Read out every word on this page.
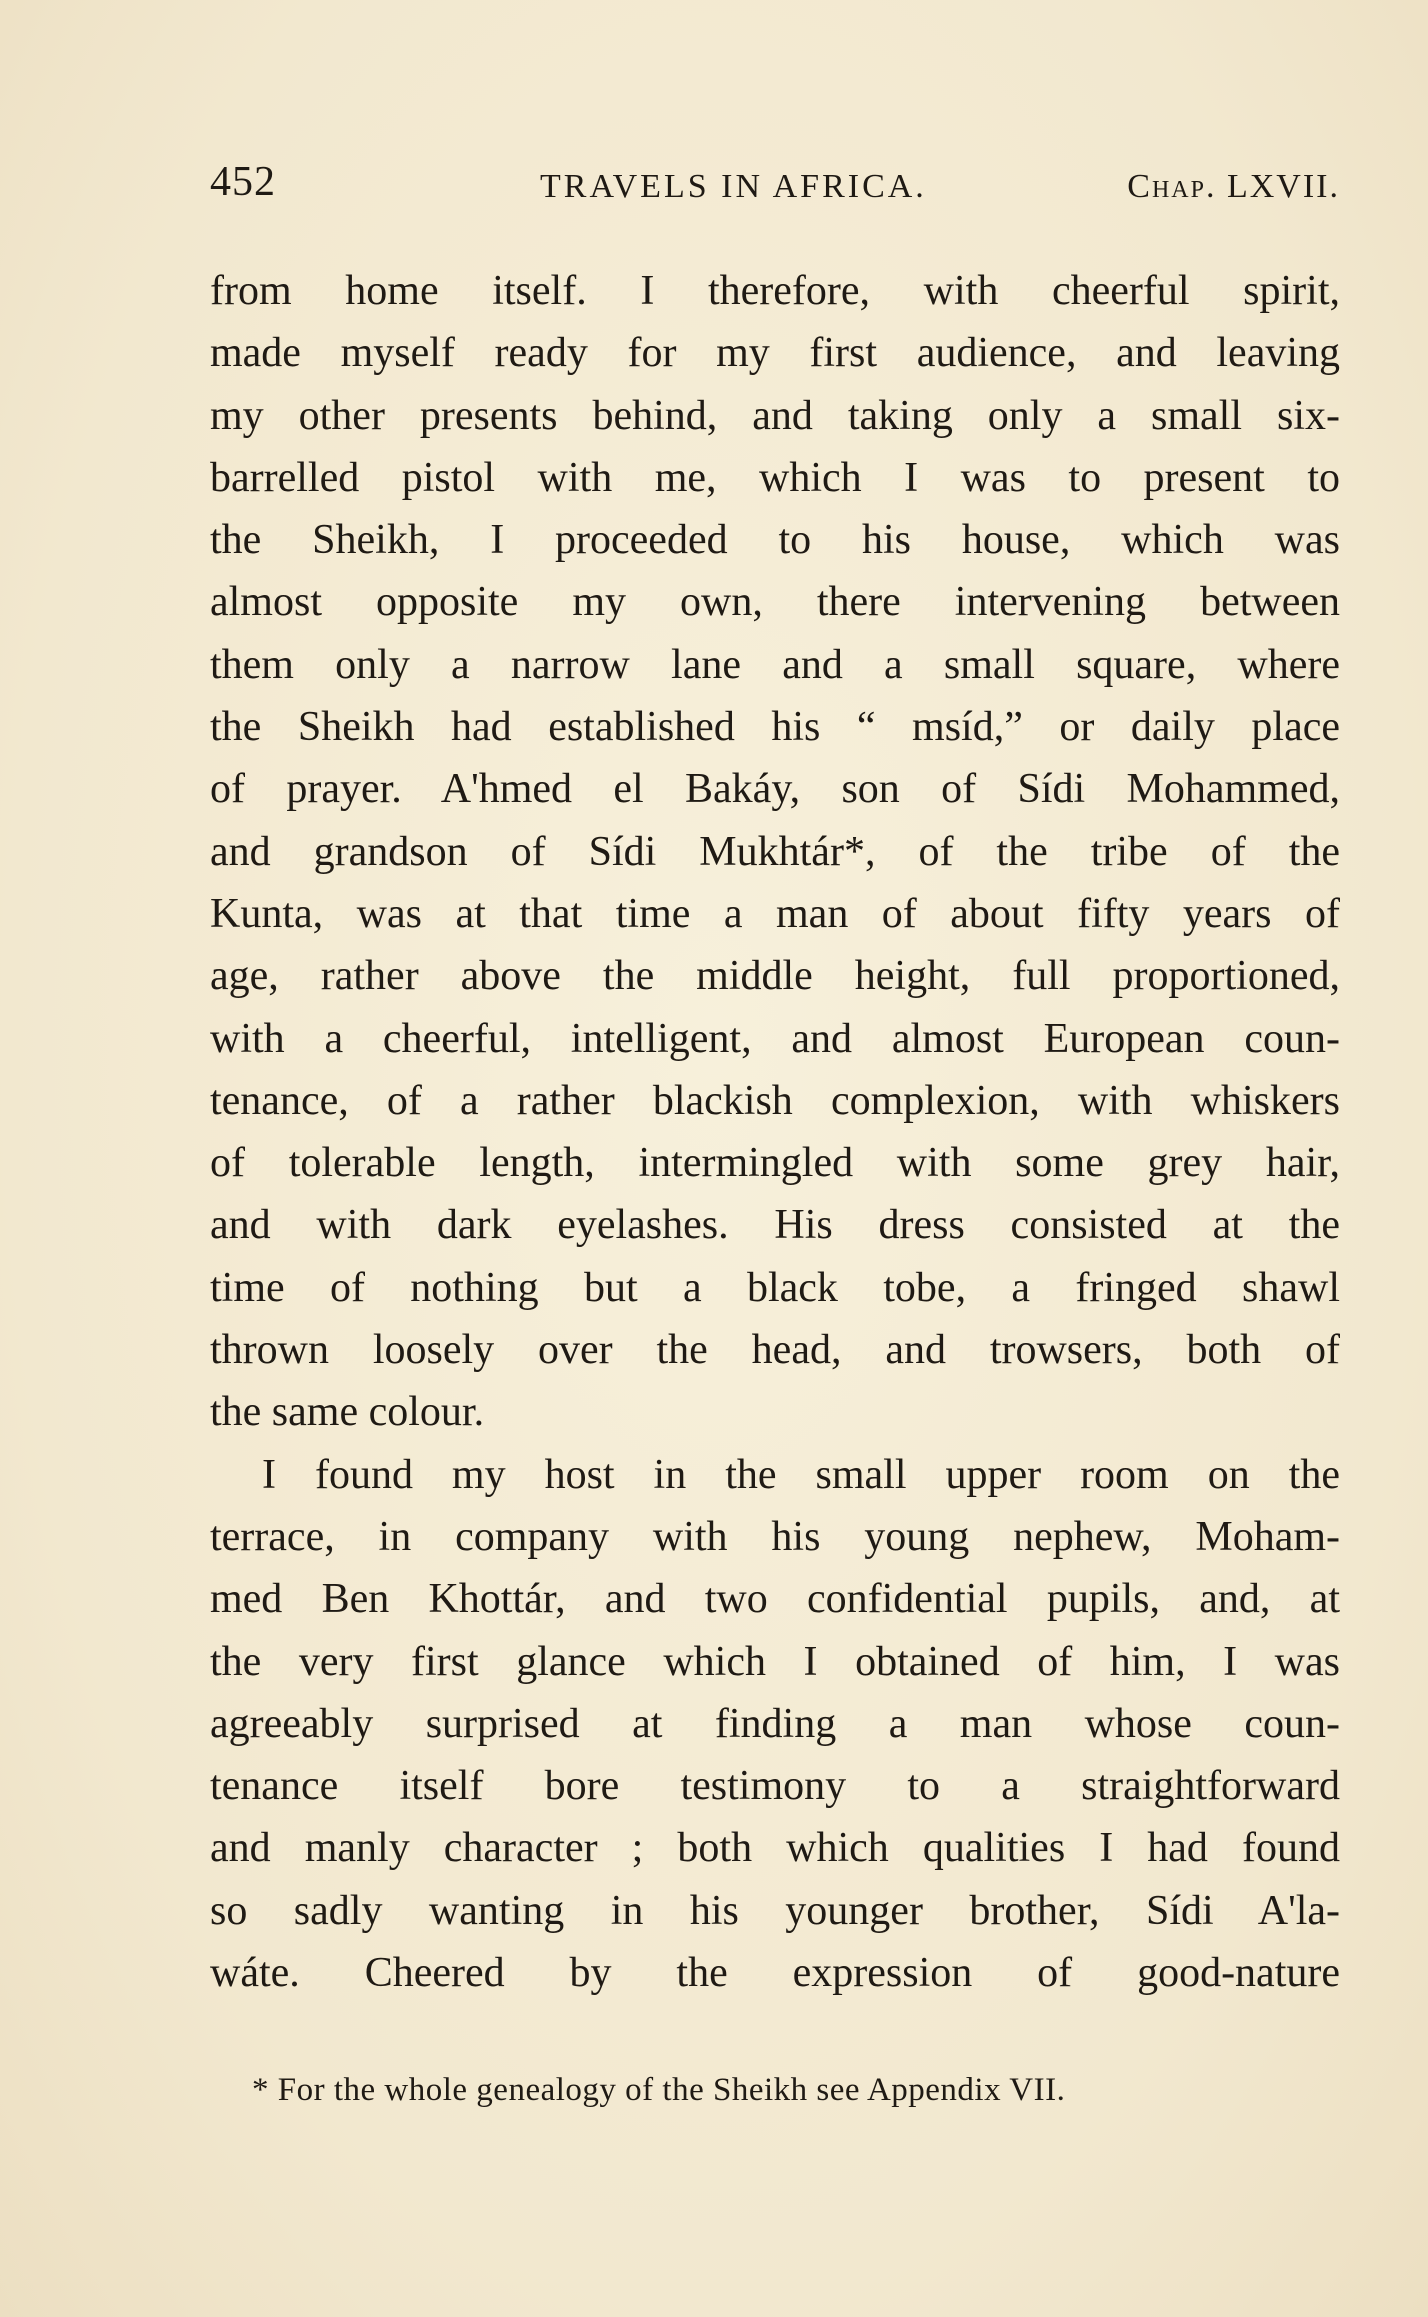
452	TRAVELS IN AFRICA.	Chap. LXVII.
from home itself. I therefore, with cheerful spirit,
made myself ready for my first audience, and leaving
my other presents behind, and taking only a small six-
barrelled pistol with me, which I was to present to
the Sheikh, I proceeded to his house, which was
almost opposite my own, there intervening between
them only a narrow lane and a small square, where
the Sheikh had established his “ msíd,” or daily place
of prayer. A'hmed el Bakáy, son of Sídi Mohammed,
and grandson of Sídi Mukhtár*, of the tribe of the
Kunta, was at that time a man of about fifty years of
age, rather above the middle height, full proportioned,
with a cheerful, intelligent, and almost European coun-
tenance, of a rather blackish complexion, with whiskers
of tolerable length, intermingled with some grey hair,
and with dark eyelashes. His dress consisted at the
time of nothing but a black tobe, a fringed shawl
thrown loosely over the head, and trowsers, both of
the same colour.
I found my host in the small upper room on the
terrace, in company with his young nephew, Moham-
med Ben Khottár, and two confidential pupils, and, at
the very first glance which I obtained of him, I was
agreeably surprised at finding a man whose coun-
tenance itself bore testimony to a straightforward
and manly character ; both which qualities I had found
so sadly wanting in his younger brother, Sídi A'la-
wáte. Cheered by the expression of good-nature
* For the whole genealogy of the Sheikh see Appendix VII.
